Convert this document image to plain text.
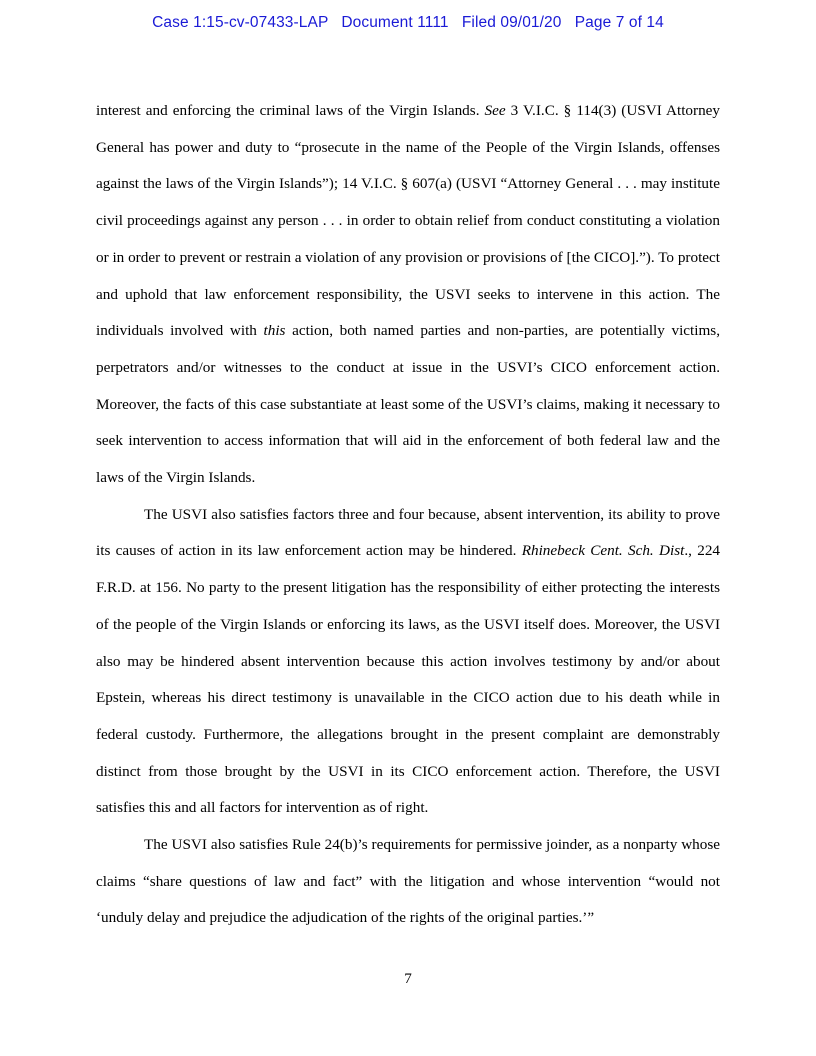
Case 1:15-cv-07433-LAP Document 1111 Filed 09/01/20 Page 7 of 14

interest and enforcing the criminal laws of the Virgin Islands. See 3 V.I.C. § 114(3) (USVI Attorney General has power and duty to “prosecute in the name of the People of the Virgin Islands, offenses against the laws of the Virgin Islands”); 14 V.I.C. § 607(a) (USVI “Attorney General . . . may institute civil proceedings against any person . . . in order to obtain relief from conduct constituting a violation or in order to prevent or restrain a violation of any provision or provisions of [the CICO].”). To protect and uphold that law enforcement responsibility, the USVI seeks to intervene in this action. The individuals involved with this action, both named parties and non-parties, are potentially victims, perpetrators and/or witnesses to the conduct at issue in the USVI’s CICO enforcement action. Moreover, the facts of this case substantiate at least some of the USVI’s claims, making it necessary to seek intervention to access information that will aid in the enforcement of both federal law and the laws of the Virgin Islands.

The USVI also satisfies factors three and four because, absent intervention, its ability to prove its causes of action in its law enforcement action may be hindered. Rhinebeck Cent. Sch. Dist., 224 F.R.D. at 156. No party to the present litigation has the responsibility of either protecting the interests of the people of the Virgin Islands or enforcing its laws, as the USVI itself does. Moreover, the USVI also may be hindered absent intervention because this action involves testimony by and/or about Epstein, whereas his direct testimony is unavailable in the CICO action due to his death while in federal custody. Furthermore, the allegations brought in the present complaint are demonstrably distinct from those brought by the USVI in its CICO enforcement action. Therefore, the USVI satisfies this and all factors for intervention as of right.

The USVI also satisfies Rule 24(b)’s requirements for permissive joinder, as a nonparty whose claims “share questions of law and fact” with the litigation and whose intervention “would not ‘unduly delay and prejudice the adjudication of the rights of the original parties.’”

7
